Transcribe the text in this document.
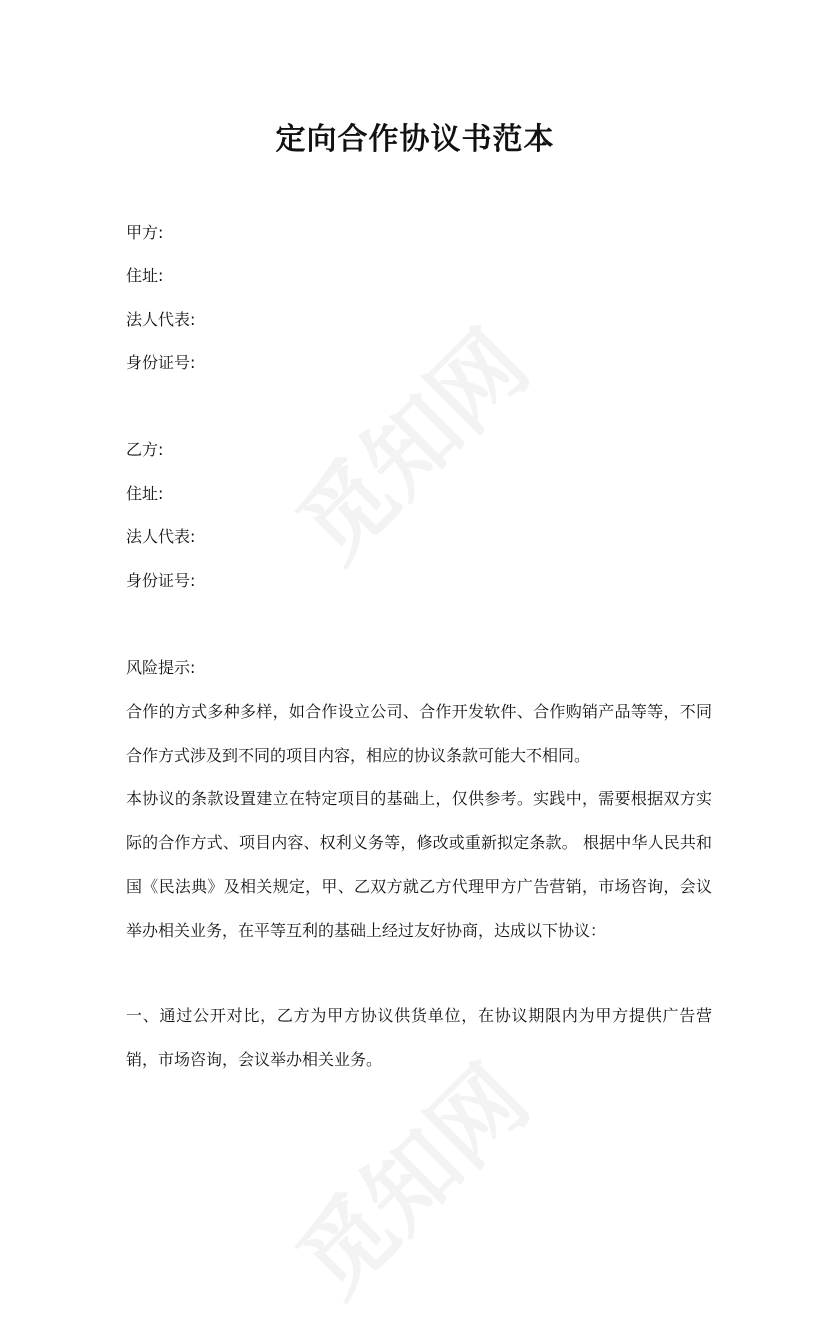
定向合作协议书范本
甲方:
住址:
法人代表:
身份证号:
乙方:
住址:
法人代表:
身份证号:
风险提示:

合作的方式多种多样，如合作设立公司、合作开发软件、合作购销产品等等，不同合作方式涉及到不同的项目内容，相应的协议条款可能大不相同。

本协议的条款设置建立在特定项目的基础上，仅供参考。实践中，需要根据双方实际的合作方式、项目内容、权利义务等，修改或重新拟定条款。 根据中华人民共和国《民法典》及相关规定，甲、乙双方就乙方代理甲方广告营销，市场咨询，会议举办相关业务，在平等互利的基础上经过友好协商，达成以下协议：

一、通过公开对比，乙方为甲方协议供货单位，在协议期限内为甲方提供广告营销，市场咨询，会议举办相关业务。
